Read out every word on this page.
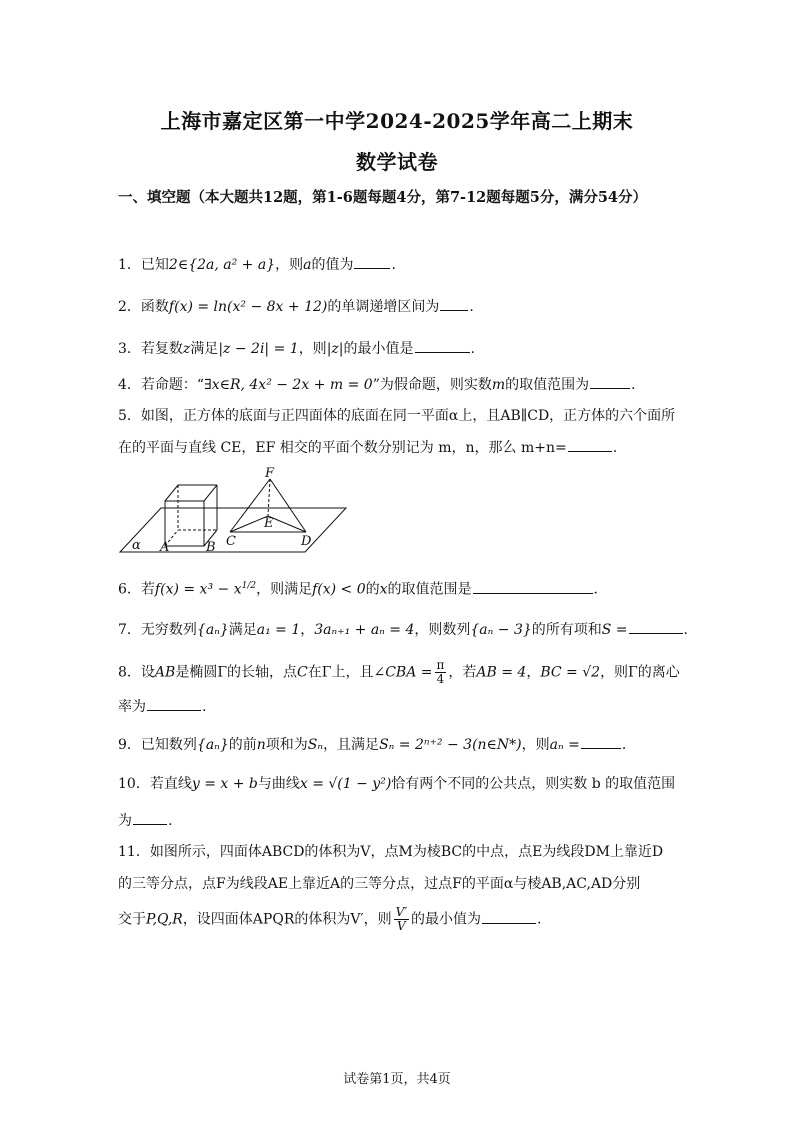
上海市嘉定区第一中学2024-2025学年高二上期末
数学试卷
一、填空题（本大题共12题，第1-6题每题4分，第7-12题每题5分，满分54分）
1．已知2∈{2a, a² + a}，则a的值为	.
2．函数f(x) = ln(x² − 8x + 12)的单调递增区间为 .
3．若复数z满足|z − 2i| = 1，则|z|的最小值是	.
4．若命题：“∃x∈R, 4x² − 2x + m = 0”为假命题，则实数m的取值范围为	．
5．如图，正方体的底面与正四面体的底面在同一平面α上，且AB∥CD，正方体的六个面所
在的平面与直线 CE，EF 相交的平面个数分别记为 m，n，那么 m+n=	.
F
E
α A	B C	D
6．若$f(x) = x^3 - x^{1/2}$，则满足f(x) < 0的x的取值范围是	．
7．无穷数列{aₙ}满足a₁ = 1，3aₙ₊₁ + aₙ = 4，则数列{aₙ − 3}的所有项和S =	.
8．设AB是椭圆Γ的长轴，点C在Γ上，且∠CBA = $\frac{\pi}{4}$ ，若AB = 4，BC = √2，则Γ的离心
率为	.
9．已知数列{aₙ}的前n项和为Sₙ，且满足Sₙ = 2ⁿ⁺² − 3(n∈N*)，则aₙ =	．
10．若直线y = x + b与曲线x = √(1 − y²)恰有两个不同的公共点，则实数 b 的取值范围
为	.
11．如图所示，四面体ABCD的体积为V，点M为棱BC的中点，点E为线段DM上靠近D
的三等分点，点F为线段AE上靠近A的三等分点，过点F的平面α与棱AB,AC,AD分别
交于P,Q,R，设四面体APQR的体积为V′，则 $\frac{V'}{V}$ 的最小值为	.
试卷第1页，共4页
